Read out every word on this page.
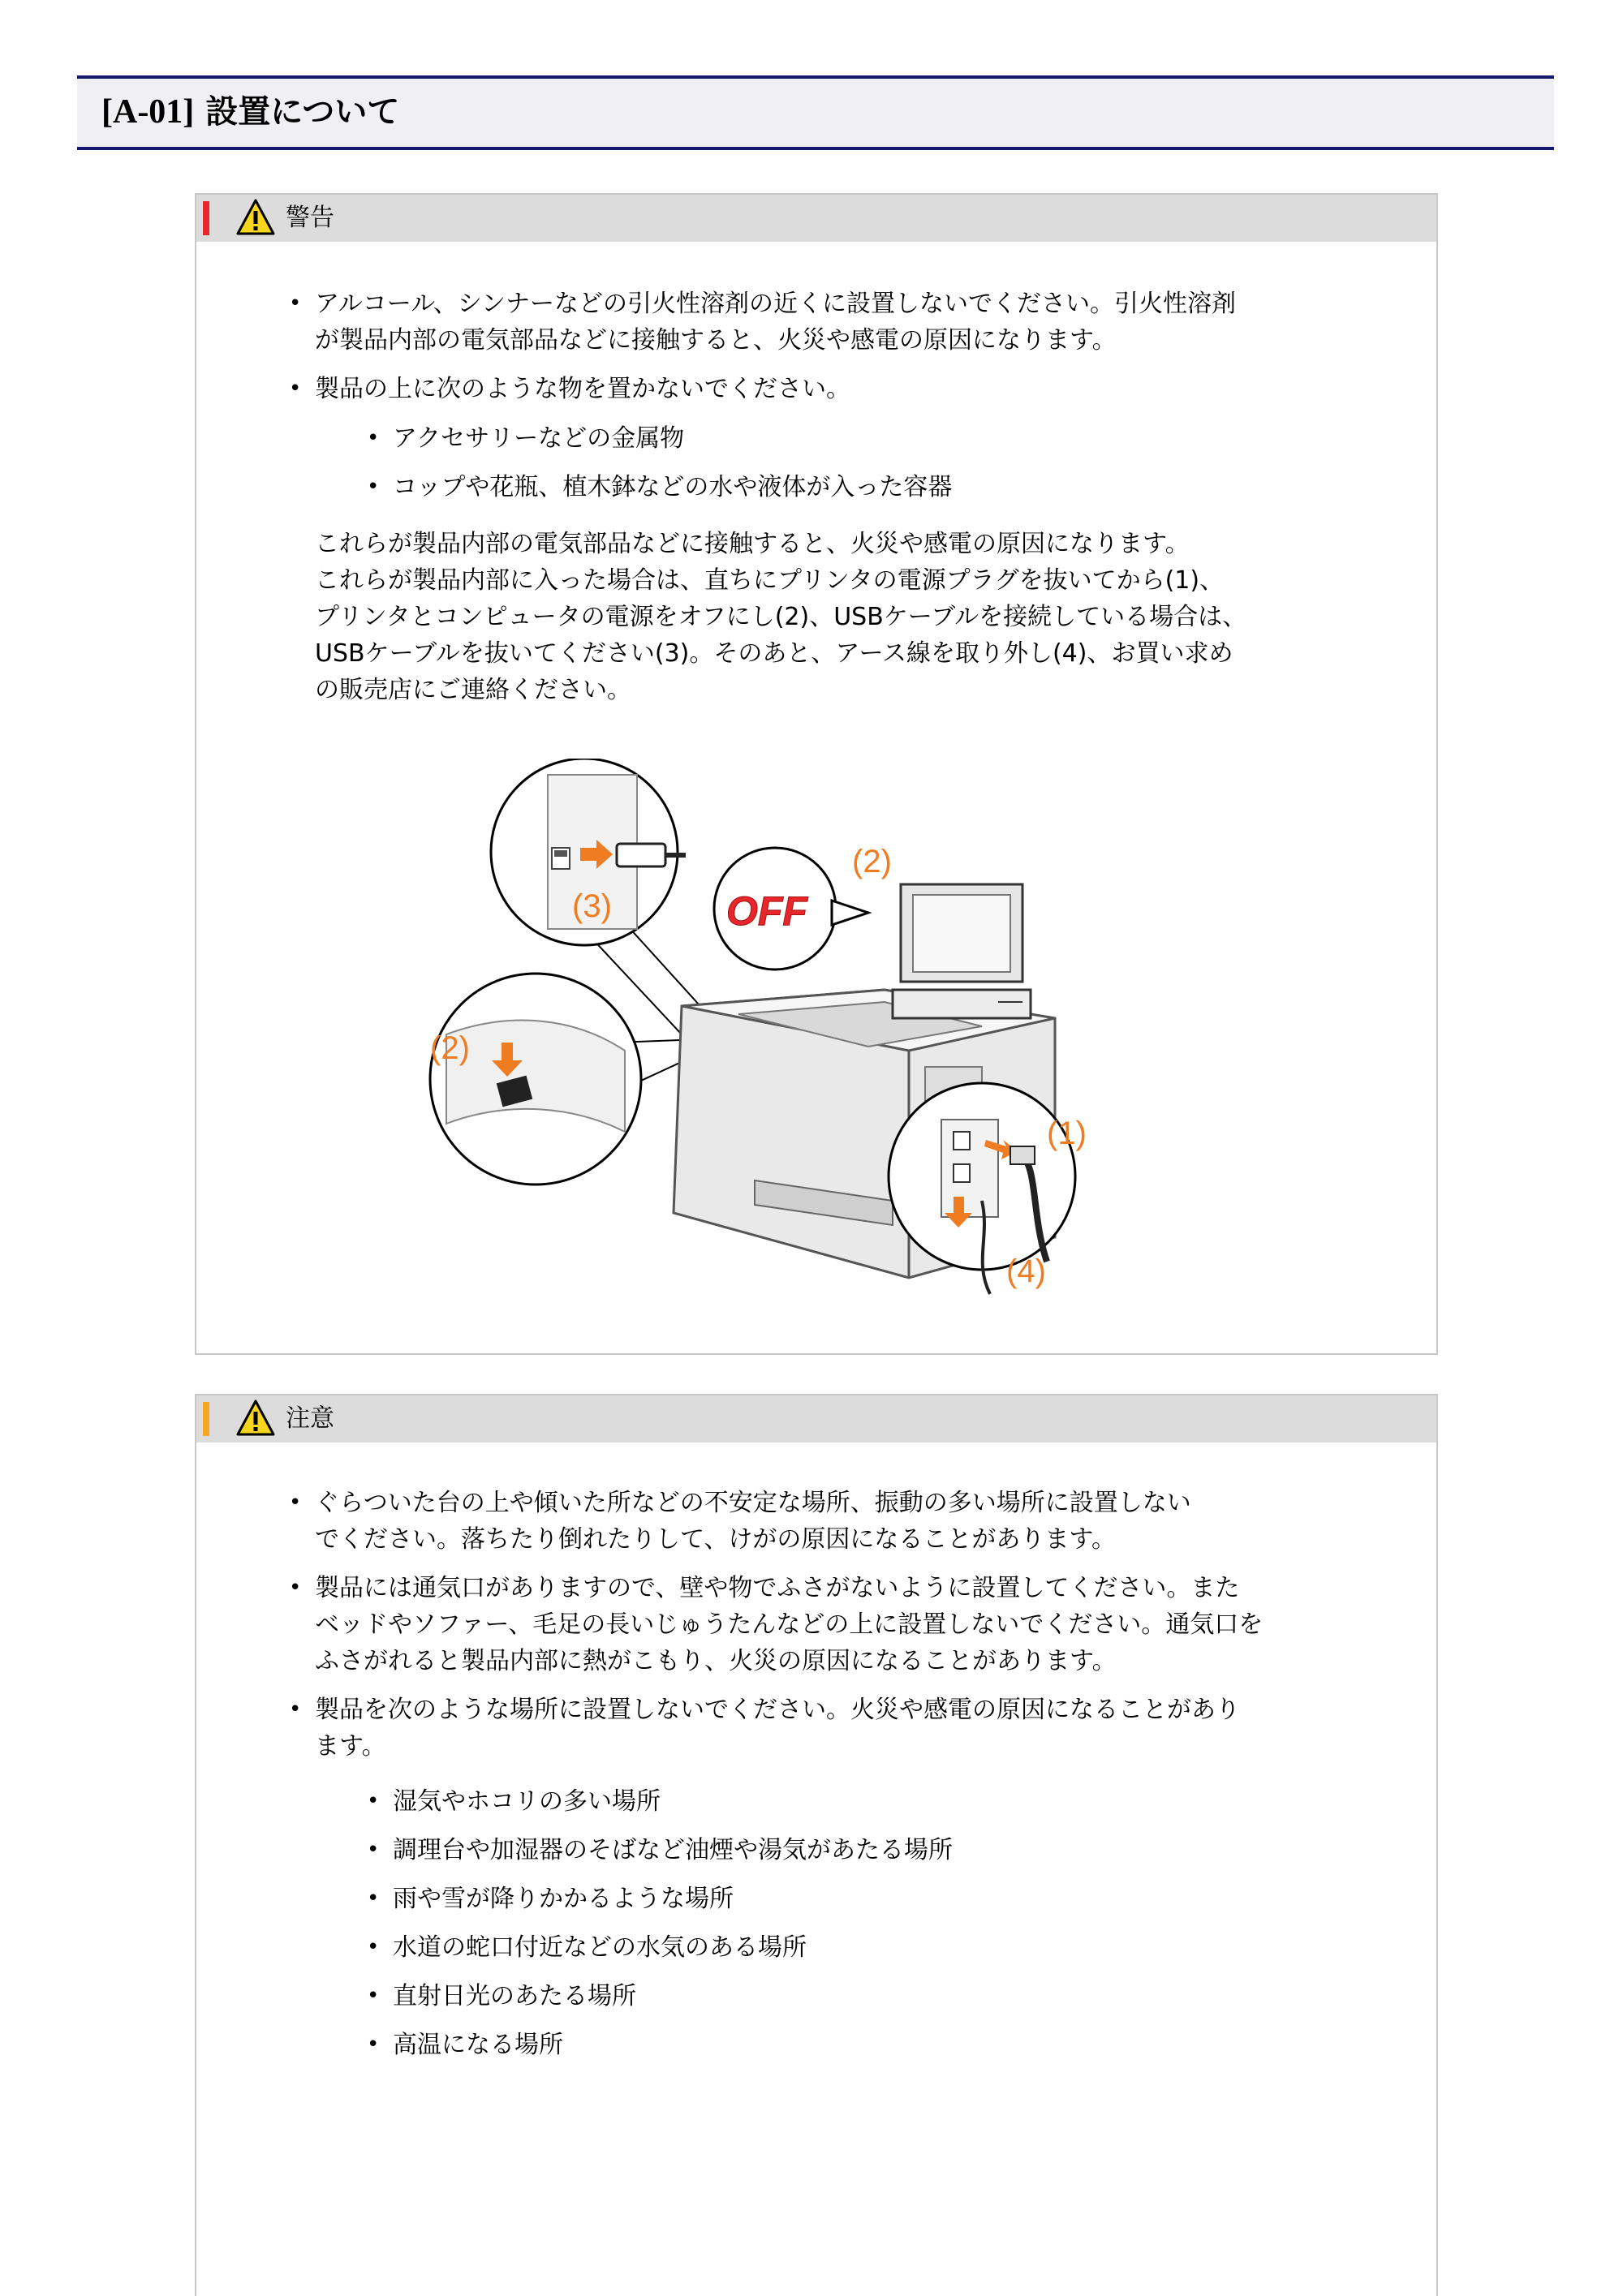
[A-01] 設置について
警告
• アルコール、シンナーなどの引火性溶剤の近くに設置しないでください。引火性溶剤
が製品内部の電気部品などに接触すると、火災や感電の原因になります。
• 製品の上に次のような物を置かないでください。
• アクセサリーなどの金属物
• コップや花瓶、植木鉢などの水や液体が入った容器
これらが製品内部の電気部品などに接触すると、火災や感電の原因になります。
これらが製品内部に入った場合は、直ちにプリンタの電源プラグを抜いてから(1)、
プリンタとコンピュータの電源をオフにし(2)、USBケーブルを接続している場合は、
USBケーブルを抜いてください(3)。そのあと、アース線を取り外し(4)、お買い求め
の販売店にご連絡ください。
(3)	OFF
(2)
(2)
(1)
(4)
注意
• ぐらついた台の上や傾いた所などの不安定な場所、振動の多い場所に設置しない
でください。落ちたり倒れたりして、けがの原因になることがあります。
• 製品には通気口がありますので、壁や物でふさがないように設置してください。また
ベッドやソファー、毛足の長いじゅうたんなどの上に設置しないでください。通気口を
ふさがれると製品内部に熱がこもり、火災の原因になることがあります。
• 製品を次のような場所に設置しないでください。火災や感電の原因になることがあり
ます。
• 湿気やホコリの多い場所
• 調理台や加湿器のそばなど油煙や湯気があたる場所
• 雨や雪が降りかかるような場所
• 水道の蛇口付近などの水気のある場所
• 直射日光のあたる場所
• 高温になる場所
